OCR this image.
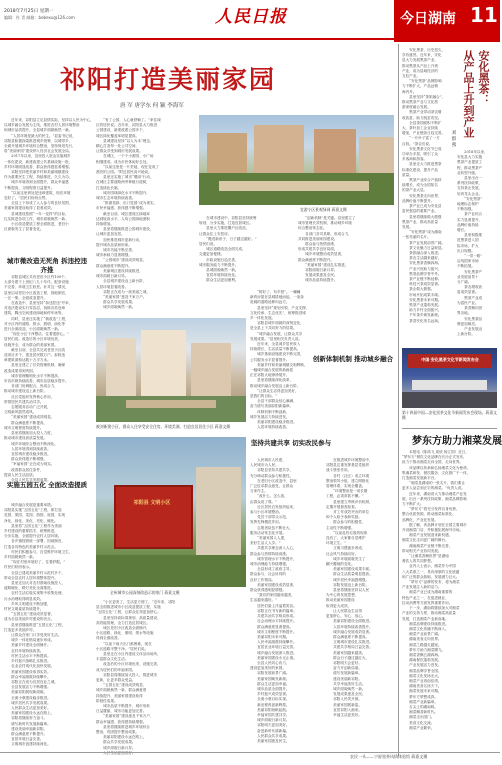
2018年7月25日 星期一
编辑：杜 青 邮箱：bebexu@126.com	人民日报	今日湖南 11
祁阳打造美丽家园
唐 军 唐学东 何 颖 李海军
　　近年来，祁阳县立足县情实际，坚持以人民为中心，
以城乡融合发展为主线，推进农村人居环境整治
和城市品质提升，全县城乡面貌焕然一新。
　　“人居环境是最大的民生。”县委书记说，
祁阳县积极探索推进城乡统筹、以城带乡，
全面开展城乡环境综合整治，坚持规划先行，
将“美丽家园”建设纳入经济社会发展全局。
　　2017年以来，县里投入资金实施城乡
一体化建设，新建改建公共基础设施一批，
乡村环境明显改善，群众获得感显著增强。
　　祁阳坚持把美丽乡村和美丽城镇建设
作为重要民生工程，持续推进，久久为功。
　　城乡环境得到全面提升，群众幸福感
不断提高，文明程度日益提升。
　　“以前这里到处是违章建筑，现在环境
变好了。”居民们纷纷点赞。
　　全县上下形成了人人参与的良好氛围，
美丽家园建设取得了显著成效。
　　县城建设按照“一年一变样”的目标，
扎实推进各项工作，城市面貌焕然一新。
　　小区改造提质工程全面推进，老旧小
区面貌发生了显著变化。
城市微改造无死角 拆违控违齐推
　　祁阳县城区共有老旧小区约100个，
大部分建于上世纪八九十年代，配套设施
不完善，环境卫生较差。针对这一情况，
县里启动老旧小区改造工程，因地制宜，
一区一策，全面改造提升。
　　在改造中，县里坚持“拆违控违”并举，
对违法建设实行零容忍，拆除各类违章
建筑，腾出空间建设绿地和停车场等。
　　同时，县里还实施了“微改造”工程，
对小区内的道路、排水、照明、绿化等
进行全面改造，小区面貌焕然一新。
　　“现在小区干净整洁，住着很舒心。”
居民们说。改造后的小区环境优美，
设施齐全，成为群众的美丽家园。
　　截至目前，全县共完成老旧小区改
造项目多个，惠及居民数万户。拆除违
章建筑面积达数十万平方米。
　　县里还建立了长效管理机制，确保
改造成果得到巩固。
　　城市管理精细化水平不断提高，
市容市貌持续改善，城市品质稳步提升。
　　各部门协调配合，形成合力，
推动城市建设迈上新台阶。
　　社区党组织发挥核心作用，
带领居民共建共治共享。
　　志愿服务活动广泛开展，
文明新风蔚然成风。
　　“美丽家园”建设成效明显。
　　群众满意度不断提高，
城市文明程度持续提升。
　　县里将继续加大投入力度，
推动城市建设高质量发展。
　　城乡环境综合整治不断深化。
　　人居环境得到持续改善。
　　宜居城市建设稳步推进。
　　群众获得感不断增强。
　　“幸福家园”正在成为现实。
　　改善群众居住条件，
提高人民生活品质。
　　全县人民共享发展成果。
实施五园五化 全面改造提质
　　城乡融合发展是重要举措。
祁阳县实施“五园五化”工程，即打造
花园、果园、菜园、游园、庭园，实现
净化、绿化、美化、亮化、硬化。
　　县里将“五园五化”工程作为美丽
乡村建设的重要抓手，统筹推进，
分步实施，全面提升农村人居环境。
　　各乡镇按照统一部署，因地制宜，
打造各具特色的美丽乡村示范点。
　　村民们积极参与，自觉维护环境卫生，
乡村面貌焕然一新。
　　“现在村里环境好了，住着舒服。”
村民们纷纷表示。
　　全县已建成美丽乡村示范村多个，
带动全县农村人居环境整体提升。
　　县里还加大对农村基础设施投入，
道路硬化、路灯亮化全面推进。
　　农村生活垃圾实现集中收集处理，
污水治理取得明显成效。
　　乡风文明建设不断加强，
村民文明素质持续提升。
　　“五园五化”建设成效显著，
成为全县美丽乡村建设的亮点。
　　县里将继续推进“五园五化”工程，
打造更多美丽乡村。
　　让群众在家门口享受美好生活。
　　城乡一体化格局逐步形成。
　　美丽乡村建设全面铺开。
　　农村环境持续改善。
　　村民生活水平不断提高。
　　乡村振兴战略扎实推进。
　　农业农村现代化加快发展。
　　美丽家园建设取得实效。
　　群众幸福指数持续攀升。
　　祁阳正在成为宜居宜业之城。
　　全县发展活力不断增强。
　　美丽祁阳展现新面貌。
　　全面小康建设稳步推进。
　　城乡居民共享发展成果。
　　人民群众生活更加美好。
　　美丽家园建设永远在路上。
　　祁阳将继续努力奋斗。
　　谱写新时代发展新篇章。
　　建设美丽幸福新祁阳。
　　群众满意度不断提升。
　　宜居环境日益完善。
　　文明城市创建持续深化。
　　“有了公园，人心就舒畅了。”家住城
区的居民说。近年来，祁阳县大力推进
公园建设，新建改建公园多个，
城区绿化覆盖率明显提高。
　　县城建设坚持“以人为本”理念，
精心打造每一处公共空间，
让群众享受到城市发展成果。
　　在城区，一个个小游园、小广场
相继建成，成为市民休闲好去处。
　　“以前这里是一片荒地，现在变成了
漂亮的公园。”附近居民高兴地说。
　　县里还实施了城市“增绿”行动，
在城区主要道路两旁种植行道树，
打造绿色长廊。
　　城市园林绿化水平不断提升，
城市生态环境持续改善。
　　“推窗见绿、出门见园”成为现实，
市民幸福感、获得感不断增强。
　　截至目前，城区建成区绿地率
达到较高水平，人均公园绿地面积
持续增加。
　　县里将继续推进公园城市建设，
让城市更加宜居。
　　加快推进城市更新行动，
提升城市品质和形象。
　　城市功能不断完善，
城市承载力显著增强。
　　“公园城市”建设成效明显，
群众满意度不断提升。
　　美丽城区建设持续推进，
城市面貌日新月异。
　　全县城乡建设迈上新台阶，
人居环境显著改善。
　　祁阳正在成为一座美丽之城。
　　“美丽家园”惠及千家万户。
　　群众共享发展成果。
　　城乡面貌焕然一新。
宜游小区景观绿网 蒋嘉文摄
　　在城市建设中，祁阳县坚持统筹
规划、分步实施，打造宜居城区。
　　县里大力推进棚户区改造，
让群众住上安居房。
　　“搬进新房子，日子越过越好。”
居民们说。
　　城区道路改造全面完成，
交通更加便捷。
　　市政设施日趋完善，
城市服务能力不断提升。
　　县城面貌焕然一新。
　　宜居环境持续优化。
　　群众生活更加便利。
　　“创新机制”是关键。县里建立了
城市管理长效机制，推动城乡环境
综合整治常态化。
　　各部门各司其职，形成合力，
共同推进美丽家园建设。
　　群众参与热情高涨，
形成共建共享良好局面。
　　城乡环境整治成效显著，
群众满意度不断提升。
　　“美丽家园”建设扎实推进。
　　祁阳面貌日新月异。
　　发展成果惠及全民。
　　城市品质持续提升。
被刘新建小区，群众入住享受安全住房，环境美满、打造宜居居住小区 蒋嘉文摄
　　“树好了，有乡愁”。一幢幢
新的房屋在县城拔地而起，一条条
宽阔的道路延伸向远方。
　　县里坚持“规划引领、产业支撑、
文化传承、生态优先”，统筹推进城
乡一体化发展。
　　祁阳县城乡面貌的深刻变化，
是全县上下共同努力的结果。
　　“城乡融合发展，让群众共享
发展成果。”县里相关负责人说。
　　近年来，全县城乡居民收入
持续增长，生活质量不断提高。
　　城乡基础设施建设不断完善，
公共服务水平显著提升。
　　美丽乡村和美丽城镇交相辉映，
一幅城乡融合发展的新画卷
正在祁阳大地徐徐展开。
　　县里将继续深化改革，
推动城乡融合发展迈上新台阶。
　　“让群众生活得更加美好，
是我们的目标。”
　　全县干部群众信心满满，
奋力谱写美丽祁阳新篇章。
　　体制机制不断创新，
城乡发展活力持续迸发。
　　美丽祁阳建设稳步推进。
　　人居环境持续改善。
创新体制机制 推动城乡融合
祁阳县 文明小区
全州城市公园深刻改造示的家门 蒋嘉文摄
坚持共建共享 切实改民参与
　　人民城市人民建，
人民城市为人民。
　　祁阳县坚持共建共享，
充分调动群众参与积极性。
　　在老旧小区改造中，县里
广泛征求群众意见，让群众
当家作主。
　　“改什么、怎么改，
由群众说了算。”
　　社区居民自发组织起来，
参与小区环境整治。
　　党员干部带头示范，
发挥先锋模范作用。
　　志愿者队伍不断壮大，
服务活动常态化开展。
　　“美丽家园人人建，
美好生活人人享。”
　　共建共享理念深入人心，
群众参与热情持续高涨。
　　城市管理水平不断提升，
城市治理能力持续增强。
　　全县形成了政府主导、
群众参与、社会协同的
良好工作格局。
　　美丽家园建设成效显著，
群众获得感明显增强。
　　“我们的家园越来越美，
生活越来越好。”
　　居民们脸上洋溢着笑容。
　　祁阳正在书写新的篇章。
　　共建共治共享格局形成。
　　社会治理水平持续提升。
　　群众满意度显著提高。
　　城市文明程度不断提升。
　　美丽祁阳未来可期。
　　人民幸福指数持续攀升。
　　宜居宜业环境日益完善。
　　城乡融合发展深入推进。
　　美丽家园建设永无止境。
　　全县人民同心协力，
建设更加美好的家园。
　　祁阳发展前景广阔。
　　美丽家园焕发新颜。
　　群众生活更加幸福。
　　城市品质全面提升。
　　乡村振兴成效显著。
　　全面小康目标实现。
　　新征程再创新辉煌。
　　美丽祁阳扬帆起航。
　　幸福家园共建共享。
　　城乡面貌日新月异。
　　祁阳明天更加美好。
　　奋进新时代谱新篇。
　　人民群众共享成果。
　　美丽家园惠及民生。
　　在推进城乡环境整治中，
祁阳县注重发挥基层党组织
战斗堡垒作用。
　　各村（社区）成立环境
整治领导小组，建立网格化
管理体系，实现全覆盖。
　　“环境整治是一项长期
工程，必须常抓不懈。”
　　县里建立考核评价机制，
定期开展督查检查。
　　对工作成效突出的单位
和个人给予表彰奖励。
　　群众参与的积极性、
主动性不断增强。
　　“以前乱扔垃圾的现象
没有了，大家都自觉维护
环境卫生。”
　　文明习惯逐步养成，
社会风气持续向好。
　　城乡环境面貌发生了
翻天覆地的变化。
　　美丽家园建设成果丰硕。
　　群众生活质量明显提高。
　　城乡居民幸福感增强。
　　祁阳发展迈上新台阶。
　　县里将继续坚持以人民
为中心的发展思想，
推动美丽家园建设
取得更大成效。
　　让人民群众生活得
更加舒心、安心、放心。
　　美丽祁阳建设全面推进。
　　人居环境持续改善提升。
　　城乡融合发展成效显著。
　　群众满意度不断提高。
　　文明城市建设扎实推进。
　　共建共享格局日益完善。
　　美丽家园越来越美。
　　群众日子越过越红火。
　　祁阳明天会更好。
　　奋力开创新局面。
　　谱写发展新篇章。
　　建设美丽新祁阳。
　　共享幸福美好生活。
　　城乡面貌焕然一新。
　　发展成果惠及全民。
　　祁阳人民笑开颜。
　　美丽家园展新姿。
　　宜居祁阳入画来。
　　幸福生活更美好。
　　“小区更美了，生活更方便了。”近年来，祁阳
县全面推进城市小区改造提质工程，实施
“五园五化”工程，让群众住得更加舒心。
　　县里坚持高标准规划、高质量建设、
高效能管理，全力打造宜居城区。
　　城区老旧小区改造全面铺开，
小区道路、绿化、照明、排水等设施
得到全面改善。
　　“以前下雨天出门都困难，现在
小区道路平整干净。”居民们说。
　　县里还在小区内建设文体活动场所，
丰富群众文化生活。
　　改造后的小区环境优美、设施完善，
成为居民们的幸福家园。
　　祁阳县将继续加大投入，推进城市
更新，让更多群众受益。
　　“五园五化”建设成效明显，
城乡面貌焕然一新，群众满意度
持续提升，美丽家园建设取得
阶段性成果。
　　城市品质不断提升，城市形象
日益靓丽，城市功能更加完善。
　　“美丽家园”建设惠及千家万户，
群众幸福感、获得感持续增强。
　　县里将继续推进城乡环境综合
整治，巩固提升整治成果。
　　美丽祁阳建设永远在路上。
　　群众共享发展成果。
　　城乡面貌日新月异。
　　人民生活更加美好。
安化黑茶：
从产品上升到产业
刘 群 燕
　　安化黑茶，历史悠久，
享有盛誉。近年来，安化
县大力发展黑茶产业，
推动黑茶从产品上升到
产业，成为县域经济的
支柱产业。
　　“安化黑茶”品牌影响
力不断扩大，产品远销
海内外。
　　县里坚持“茶旅融合”，
推动黑茶产业与文化旅
游深度融合发展。
　　黑茶产业带动茶农增
收致富，助力脱贫攻坚。
　　全县茶园面积不断扩
大，茶叶加工企业持续
增加，产业链条日趋完善。
　　“一片叶子富了一方
百姓。”茶农们说。
　　安化黑茶文化节已成
功举办多届，吸引了众
多客商和游客。
　　县里还大力推进黑茶
标准化建设，提升产品
质量。
　　黑茶产业综合产值持
续增长，成为全国知名
的茶产业大县。
　　安化黑茶走向世界，
品牌价值不断提升。
　　茶产业已成为安化县
富民强县的重要产业。
　　县里将继续做大做强
黑茶产业，推动高质量
发展。
　　“安化黑茶”成为湖南
一张亮丽的名片。
　　茶产业发展前景广阔。
　　茶文化魅力日益彰显。
　　茶旅融合深入推进。
　　茶农生活越来越好。
　　安化黑茶香飘四海。
　　产业兴旺助力振兴。
　　黑茶品牌享誉中外。
　　茶产业链不断延伸。
　　科技兴茶成效显著。
　　茶企做大做强。
　　市场开拓成果丰硕。
　　安化黑茶未来可期。
　　黑茶产业蓬勃发展。
　　助力乡村全面振兴。
　　千年茶乡焕发新颜。
　　茶香安化美名远扬。
　　2018年以来，
安化县大力实施
黑茶产业提质工
程，推动黑茶产
业转型升级。
　　县里出台一
系列扶持政策，
支持茶企发展，
培育龙头企业。
　　“安化黑茶”
地理标志保护
不断加强。
　　茶产业综合
实力显著提升，
品牌价值持续
增长。
　　县里积极推
进黑茶进入国
际市场，扩大
出口规模。
　　“一带一路”
沿线国家市场
不断拓展。
　　安化黑茶产
业发展前景十
分广阔。
　　茶农增收致
富成效显著。
　　黑茶产业成
为富民产业。
　　茶香飘向世
界各地。
　　安化黑茶品
牌更加响亮。
　　产业发展迈
上新台阶。
中国·安化黑茶文化节新闻发布会
第十四届中国—安化黑茶文化节新闻发布会现场。蒋嘉文 摄
梦东方助力湘菜发展
　　本报电（陈鸿飞 周欣 杨立国）近日，
“梦东方”餐饮文化品牌在长沙正式发布，
致力于推动湘菜走向全国、走向世界。
　　该品牌以传承和弘扬湘菜文化为使命，
集湘菜研发、餐饮服务、文化推广于一体，
打造湘菜发展新平台。
　　“湘菜是湖南的一张名片，我们要让
更多人品尝到正宗的湘菜。”负责人说。
　　近年来，湖南省大力推动湘菜产业发
展，出台一系列扶持政策，湘菜品牌影响
力不断扩大。
　　“梦东方”将充分发挥自身优势，
整合优质资源，推动湘菜标准化、
品牌化、产业化发展。
　　据了解，该品牌计划在全国主要城市
开设湘菜门店，并积极拓展海外市场。
　　湘菜产业发展迎来新机遇，
湘菜文化走向更广阔的舞台。
　　湖南湘菜产业链不断完善，
带动相关产业协同发展。
　　“让湘菜香飘世界”是湖南
餐饮人的共同梦想。
　　业内人士表示，湘菜作为中国
八大菜系之一，具有深厚的文化底蕴
和广泛的群众基础，发展潜力巨大。
　　“梦东方”品牌的发布，将为湘菜
产业发展注入新的活力。
　　湘菜产业已成为湖南重要的
特色产业之一，在促进就业、
拉动消费等方面发挥重要作用。
　　下一步，湖南将继续加大对湘菜
产业的支持力度，推动湘菜高质量
发展，打造湘菜产业新高地。
　　湘菜品牌建设持续推进。
　　湘菜文化传播不断深入。
　　湘菜产业前景广阔。
　　湖南美食走向世界。
　　湘菜之路越走越宽。
　　梦东方助力湘菜腾飞。
　　湘菜香飘五湖四海。
　　湖南餐饮蓬勃发展。
　　产业发展活力迸发。
　　湘菜品牌享誉全国。
　　湘菜文化发扬光大。
　　湘菜产业再创佳绩。
　　湖南美食名扬天下。
　　湘菜发展未来可期。
　　梦东方梦想成真。
　　湘菜产业新篇章。
　　舌尖上的湖南味。
　　湘菜飘香新时代。
　　湘菜走出国门。
　　美食文化交流。
　　湘菜产业繁荣。
农民一头——宁舒黑茶风情体验馆 蒋嘉文摄
